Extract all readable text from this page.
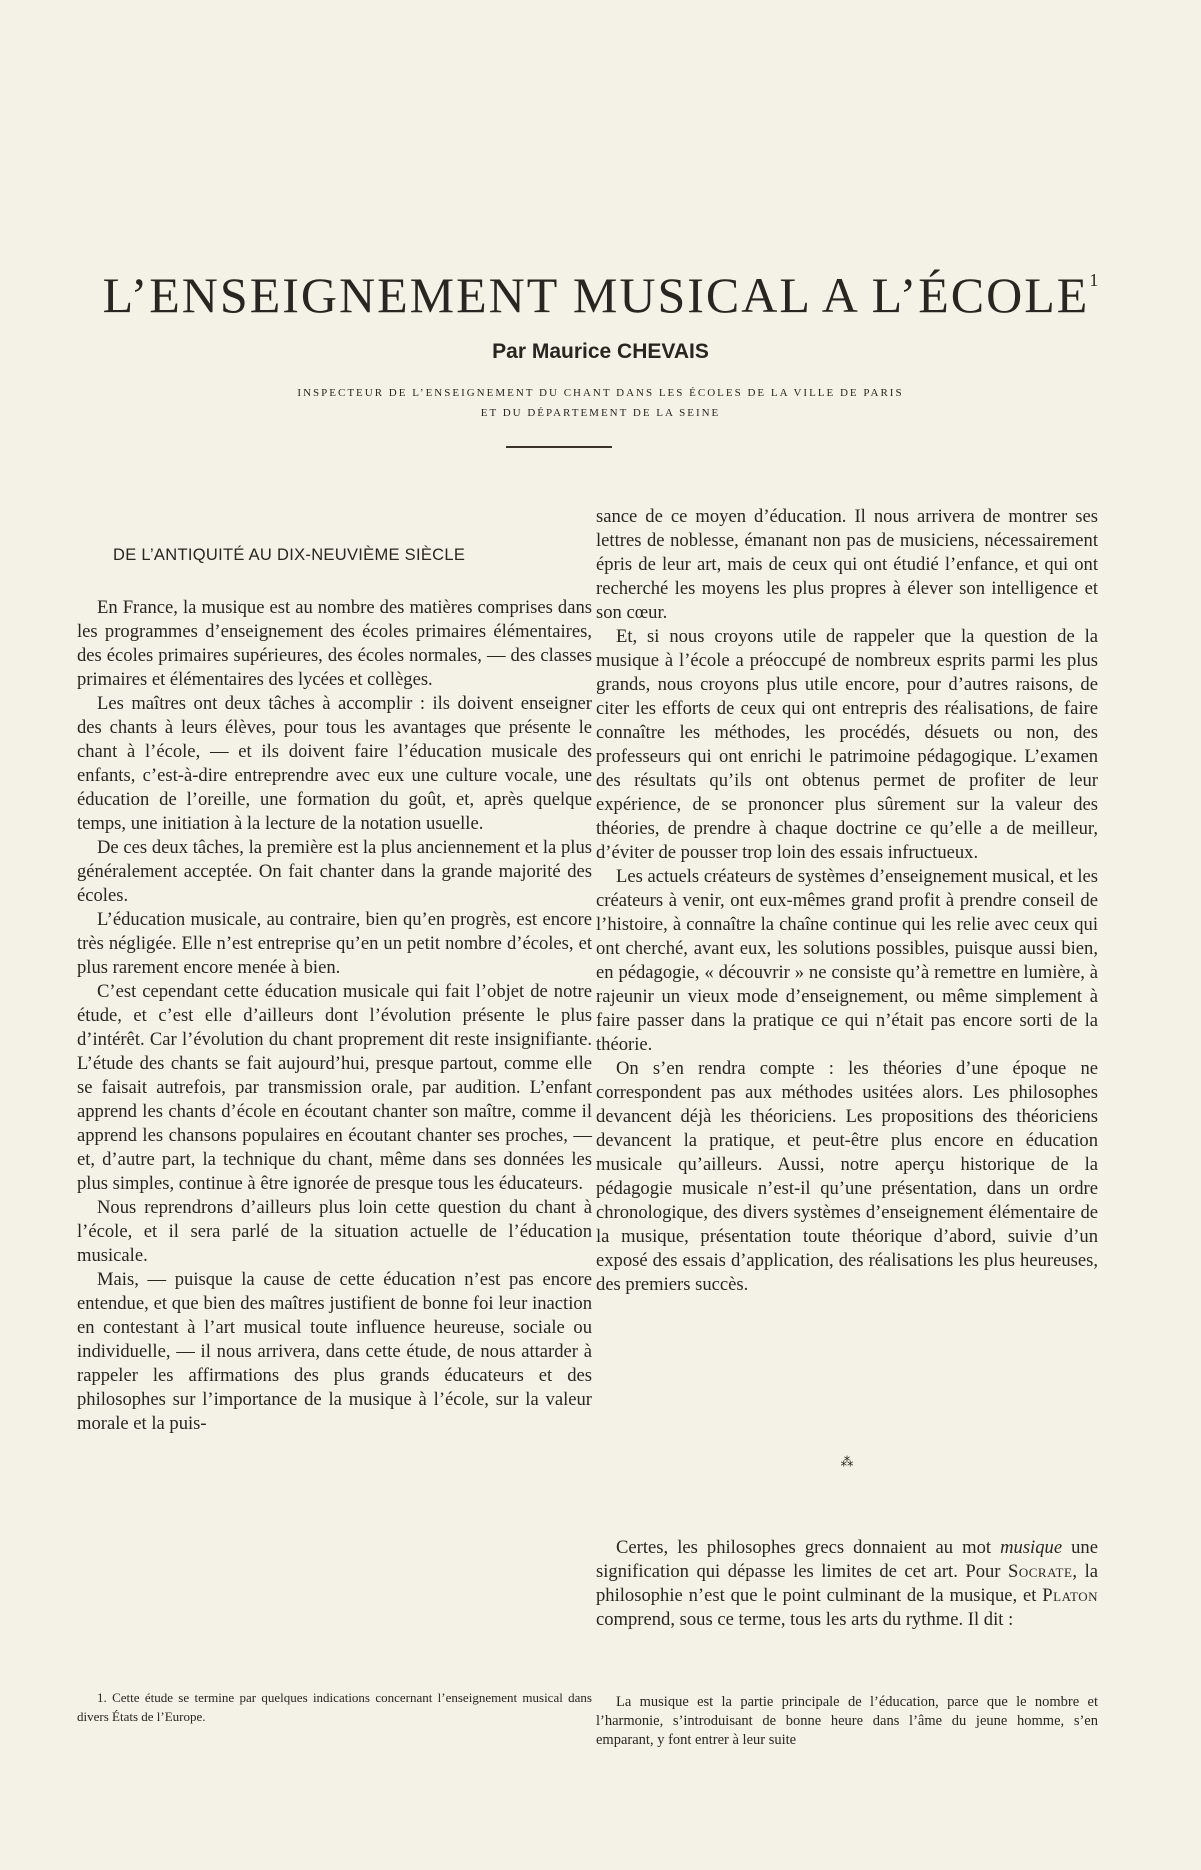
L’ENSEIGNEMENT MUSICAL A L’ÉCOLE$^1$
Par Maurice CHEVAIS
INSPECTEUR DE L’ENSEIGNEMENT DU CHANT DANS LES ÉCOLES DE LA VILLE DE PARIS
ET DU DÉPARTEMENT DE LA SEINE
DE L’ANTIQUITÉ AU DIX-NEUVIÈME SIÈCLE

En France, la musique est au nombre des matières comprises dans les programmes d’enseignement des écoles primaires élémentaires, des écoles primaires supérieures, des écoles normales, — des classes primaires et élémentaires des lycées et collèges.

Les maîtres ont deux tâches à accomplir : ils doivent enseigner des chants à leurs élèves, pour tous les avantages que présente le chant à l’école, — et ils doivent faire l’éducation musicale des enfants, c’est-à-dire entreprendre avec eux une culture vocale, une éducation de l’oreille, une formation du goût, et, après quelque temps, une initiation à la lecture de la notation usuelle.

De ces deux tâches, la première est la plus anciennement et la plus généralement acceptée. On fait chanter dans la grande majorité des écoles.

L’éducation musicale, au contraire, bien qu’en progrès, est encore très négligée. Elle n’est entreprise qu’en un petit nombre d’écoles, et plus rarement encore menée à bien.

C’est cependant cette éducation musicale qui fait l’objet de notre étude, et c’est elle d’ailleurs dont l’évolution présente le plus d’intérêt. Car l’évolution du chant proprement dit reste insignifiante. L’étude des chants se fait aujourd’hui, presque partout, comme elle se faisait autrefois, par transmission orale, par audition. L’enfant apprend les chants d’école en écoutant chanter son maître, comme il apprend les chansons populaires en écoutant chanter ses proches, — et, d’autre part, la technique du chant, même dans ses données les plus simples, continue à être ignorée de presque tous les éducateurs.

Nous reprendrons d’ailleurs plus loin cette question du chant à l’école, et il sera parlé de la situation actuelle de l’éducation musicale.

Mais, — puisque la cause de cette éducation n’est pas encore entendue, et que bien des maîtres justifient de bonne foi leur inaction en contestant à l’art musical toute influence heureuse, sociale ou individuelle, — il nous arrivera, dans cette étude, de nous attarder à rappeler les affirmations des plus grands éducateurs et des philosophes sur l’importance de la musique à l’école, sur la valeur morale et la puis-

1. Cette étude se termine par quelques indications concernant l’enseignement musical dans divers États de l’Europe.

sance de ce moyen d’éducation. Il nous arrivera de montrer ses lettres de noblesse, émanant non pas de musiciens, nécessairement épris de leur art, mais de ceux qui ont étudié l’enfance, et qui ont recherché les moyens les plus propres à élever son intelligence et son cœur.

Et, si nous croyons utile de rappeler que la question de la musique à l’école a préoccupé de nombreux esprits parmi les plus grands, nous croyons plus utile encore, pour d’autres raisons, de citer les efforts de ceux qui ont entrepris des réalisations, de faire connaître les méthodes, les procédés, désuets ou non, des professeurs qui ont enrichi le patrimoine pédagogique. L’examen des résultats qu’ils ont obtenus permet de profiter de leur expérience, de se prononcer plus sûrement sur la valeur des théories, de prendre à chaque doctrine ce qu’elle a de meilleur, d’éviter de pousser trop loin des essais infructueux.

Les actuels créateurs de systèmes d’enseignement musical, et les créateurs à venir, ont eux-mêmes grand profit à prendre conseil de l’histoire, à connaître la chaîne continue qui les relie avec ceux qui ont cherché, avant eux, les solutions possibles, puisque aussi bien, en pédagogie, « découvrir » ne consiste qu’à remettre en lumière, à rajeunir un vieux mode d’enseignement, ou même simplement à faire passer dans la pratique ce qui n’était pas encore sorti de la théorie.

On s’en rendra compte : les théories d’une époque ne correspondent pas aux méthodes usitées alors. Les philosophes devancent déjà les théoriciens. Les propositions des théoriciens devancent la pratique, et peut-être plus encore en éducation musicale qu’ailleurs. Aussi, notre aperçu historique de la pédagogie musicale n’est-il qu’une présentation, dans un ordre chronologique, des divers systèmes d’enseignement élémentaire de la musique, présentation toute théorique d’abord, suivie d’un exposé des essais d’application, des réalisations les plus heureuses, des premiers succès.

⁂

Certes, les philosophes grecs donnaient au mot musique une signification qui dépasse les limites de cet art. Pour Socrate, la philosophie n’est que le point culminant de la musique, et Platon comprend, sous ce terme, tous les arts du rythme. Il dit :

La musique est la partie principale de l’éducation, parce que le nombre et l’harmonie, s’introduisant de bonne heure dans l’âme du jeune homme, s’en emparant, y font entrer à leur suite
